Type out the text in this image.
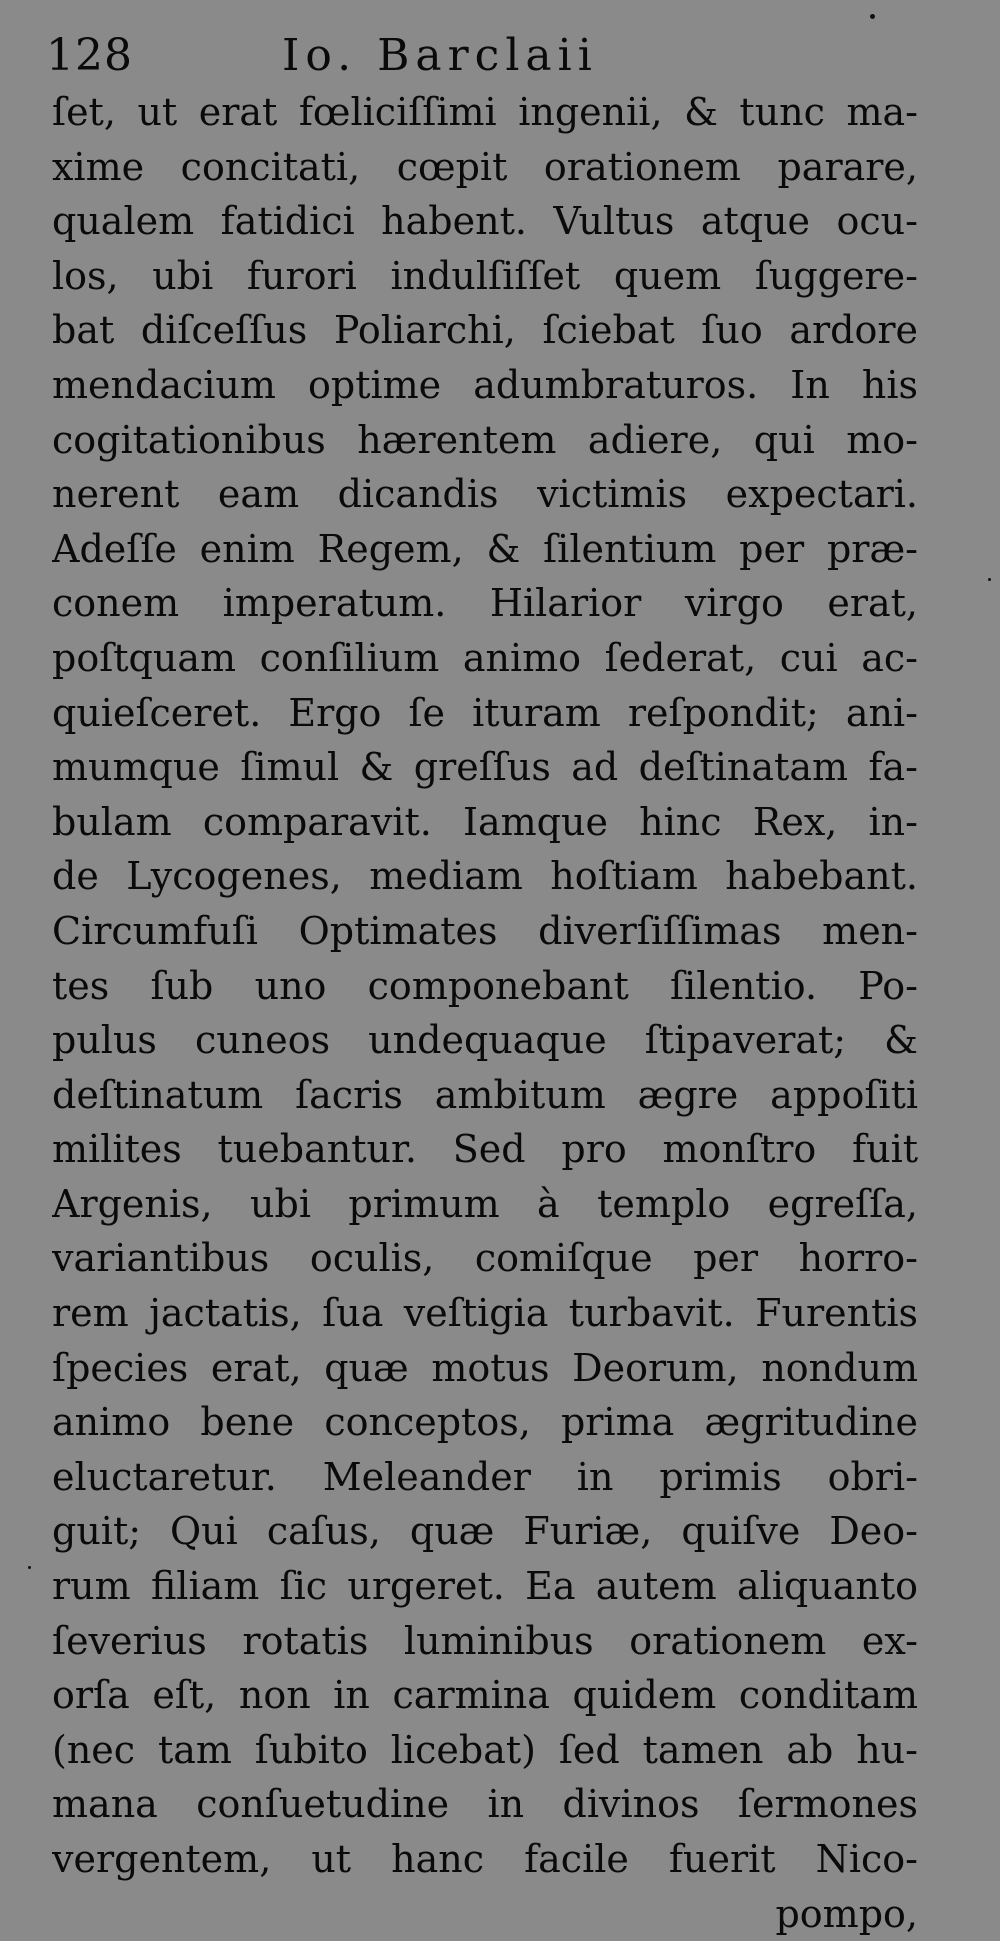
128	Io. Barclaii
ſet, ut erat fœliciſſimi ingenii, & tunc ma-
xime concitati, cœpit orationem parare,
qualem fatidici habent. Vultus atque ocu-
los, ubi furori indulſiſſet quem ſuggere-
bat diſceſſus Poliarchi, ſciebat ſuo ardore
mendacium optime adumbraturos. In his
cogitationibus hærentem adiere, qui mo-
nerent eam dicandis victimis expectari.
Adeſſe enim Regem, & ſilentium per præ-
conem imperatum. Hilarior virgo erat,
poſtquam conſilium animo ſederat, cui ac-
quieſceret. Ergo ſe ituram reſpondit; ani-
mumque ſimul & greſſus ad deſtinatam fa-
bulam comparavit. Iamque hinc Rex, in-
de Lycogenes, mediam hoſtiam habebant.
Circumfuſi Optimates diverſiſſimas men-
tes ſub uno componebant ſilentio. Po-
pulus cuneos undequaque ſtipaverat; &
deſtinatum ſacris ambitum ægre appoſiti
milites tuebantur. Sed pro monſtro fuit
Argenis, ubi primum à templo egreſſa,
variantibus oculis, comiſque per horro-
rem jactatis, ſua veſtigia turbavit. Furentis
ſpecies erat, quæ motus Deorum, nondum
animo bene conceptos, prima ægritudine
eluctaretur. Meleander in primis obri-
guit; Qui caſus, quæ Furiæ, quiſve Deo-
rum filiam ſic urgeret. Ea autem aliquanto
ſeverius rotatis luminibus orationem ex-
orſa eſt, non in carmina quidem conditam
(nec tam ſubito licebat) ſed tamen ab hu-
mana conſuetudine in divinos ſermones
vergentem, ut hanc facile fuerit Nico-
pompo,
